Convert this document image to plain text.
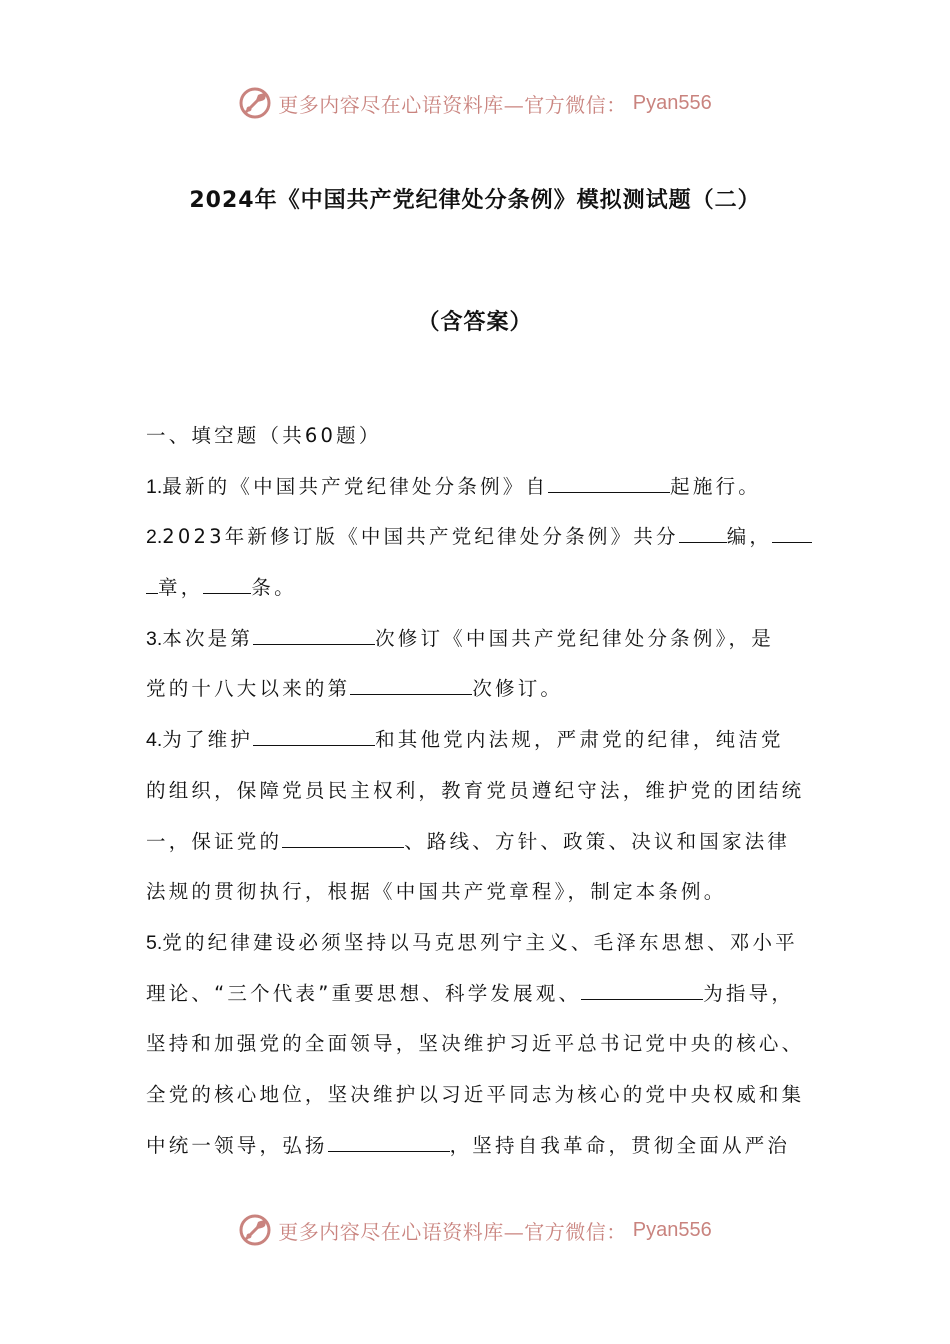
更多内容尽在心语资料库—官方微信： Pyan556
2024年《中国共产党纪律处分条例》模拟测试题（二）
（含答案）
一、填空题（共60题）
1.最新的《中国共产党纪律处分条例》自	起施行。
2.2023年新修订版《中国共产党纪律处分条例》共分 编，
章， 条。
3.本次是第	次修订《中国共产党纪律处分条例》，是
党的十八大以来的第	次修订。
4.为了维护	和其他党内法规，严肃党的纪律，纯洁党
的组织，保障党员民主权利，教育党员遵纪守法，维护党的团结统
一，保证党的	、路线、方针、政策、决议和国家法律
法规的贯彻执行，根据《中国共产党章程》，制定本条例。
5.党的纪律建设必须坚持以马克思列宁主义、毛泽东思想、邓小平
理论、“三个代表”重要思想、科学发展观、	为指导，
坚持和加强党的全面领导，坚决维护习近平总书记党中央的核心、
全党的核心地位，坚决维护以习近平同志为核心的党中央权威和集
中统一领导，弘扬	，坚持自我革命，贯彻全面从严治
更多内容尽在心语资料库—官方微信： Pyan556
